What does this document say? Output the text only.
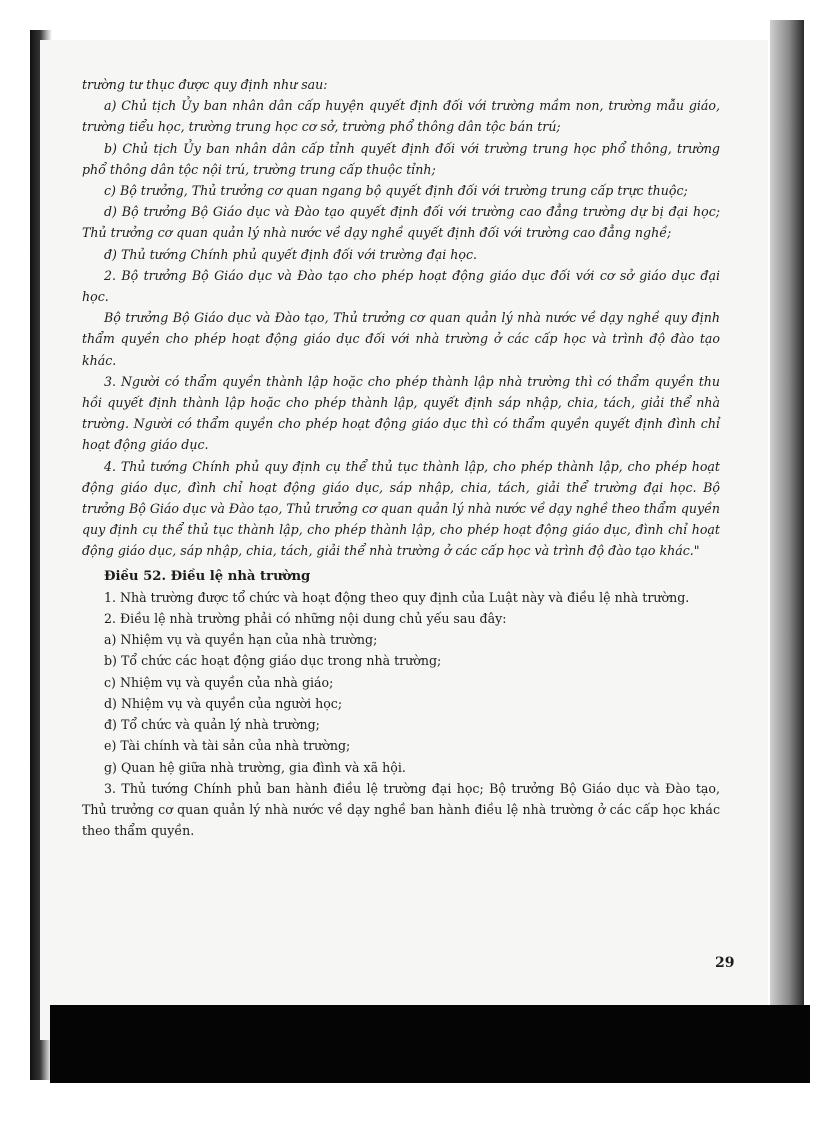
trường tư thục được quy định như sau:

a) Chủ tịch Ủy ban nhân dân cấp huyện quyết định đối với trường mầm non, trường mẫu giáo, trường tiểu học, trường trung học cơ sở, trường phổ thông dân tộc bán trú;

b) Chủ tịch Ủy ban nhân dân cấp tỉnh quyết định đối với trường trung học phổ thông, trường phổ thông dân tộc nội trú, trường trung cấp thuộc tỉnh;

c) Bộ trưởng, Thủ trưởng cơ quan ngang bộ quyết định đối với trường trung cấp trực thuộc;

d) Bộ trưởng Bộ Giáo dục và Đào tạo quyết định đối với trường cao đẳng trường dự bị đại học; Thủ trưởng cơ quan quản lý nhà nước về dạy nghề quyết định đối với trường cao đẳng nghề;

đ) Thủ tướng Chính phủ quyết định đối với trường đại học.

2. Bộ trưởng Bộ Giáo dục và Đào tạo cho phép hoạt động giáo dục đối với cơ sở giáo dục đại học.

Bộ trưởng Bộ Giáo dục và Đào tạo, Thủ trưởng cơ quan quản lý nhà nước về dạy nghề quy định thẩm quyền cho phép hoạt động giáo dục đối với nhà trường ở các cấp học và trình độ đào tạo khác.

3. Người có thẩm quyền thành lập hoặc cho phép thành lập nhà trường thì có thẩm quyền thu hồi quyết định thành lập hoặc cho phép thành lập, quyết định sáp nhập, chia, tách, giải thể nhà trường. Người có thẩm quyền cho phép hoạt động giáo dục thì có thẩm quyền quyết định đình chỉ hoạt động giáo dục.

4. Thủ tướng Chính phủ quy định cụ thể thủ tục thành lập, cho phép thành lập, cho phép hoạt động giáo dục, đình chỉ hoạt động giáo dục, sáp nhập, chia, tách, giải thể trường đại học. Bộ trưởng Bộ Giáo dục và Đào tạo, Thủ trưởng cơ quan quản lý nhà nước về dạy nghề theo thẩm quyền quy định cụ thể thủ tục thành lập, cho phép thành lập, cho phép hoạt động giáo dục, đình chỉ hoạt động giáo dục, sáp nhập, chia, tách, giải thể nhà trường ở các cấp học và trình độ đào tạo khác."

Điều 52. Điều lệ nhà trường

1. Nhà trường được tổ chức và hoạt động theo quy định của Luật này và điều lệ nhà trường.

2. Điều lệ nhà trường phải có những nội dung chủ yếu sau đây:

a) Nhiệm vụ và quyền hạn của nhà trường;

b) Tổ chức các hoạt động giáo dục trong nhà trường;

c) Nhiệm vụ và quyền của nhà giáo;

d) Nhiệm vụ và quyền của người học;

đ) Tổ chức và quản lý nhà trường;

e) Tài chính và tài sản của nhà trường;

g) Quan hệ giữa nhà trường, gia đình và xã hội.

3. Thủ tướng Chính phủ ban hành điều lệ trường đại học; Bộ trưởng Bộ Giáo dục và Đào tạo, Thủ trưởng cơ quan quản lý nhà nước về dạy nghề ban hành điều lệ nhà trường ở các cấp học khác theo thẩm quyền.

29
